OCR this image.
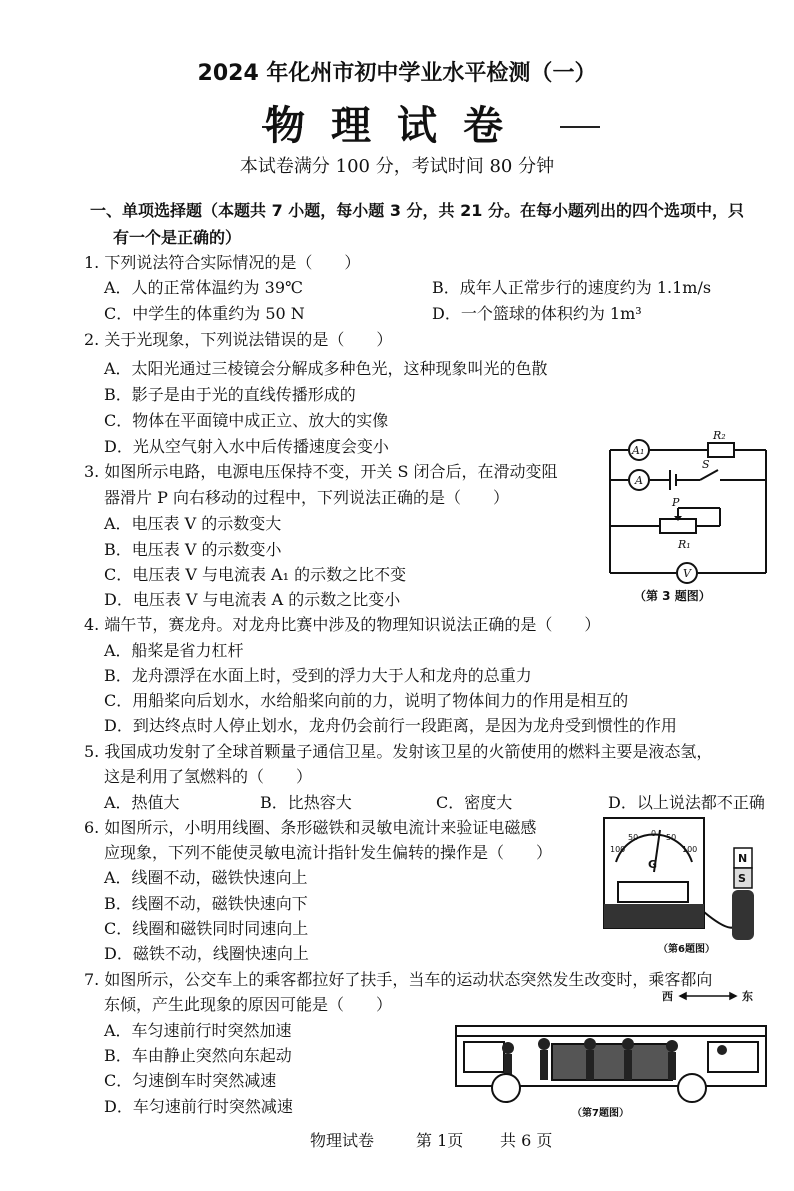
2024 年化州市初中学业水平检测（一）
物理试卷
本试卷满分 100 分，考试时间 80 分钟
一、单项选择题（本题共 7 小题，每小题 3 分，共 21 分。在每小题列出的四个选项中，只
有一个是正确的）
1. 下列说法符合实际情况的是（　　）
A．人的正常体温约为 39℃	B．成年人正常步行的速度约为 1.1m/s
C．中学生的体重约为 50 N	D．一个篮球的体积约为 1m³
2. 关于光现象，下列说法错误的是（　　）
A．太阳光通过三棱镜会分解成多种色光，这种现象叫光的色散
B．影子是由于光的直线传播形成的
C．物体在平面镜中成正立、放大的实像
D．光从空气射入水中后传播速度会变小
3. 如图所示电路，电源电压保持不变，开关 S 闭合后，在滑动变阻
器滑片 P 向右移动的过程中，下列说法正确的是（　　）
A．电压表 V 的示数变大
B．电压表 V 的示数变小
C．电压表 V 与电流表 A₁ 的示数之比不变
D．电压表 V 与电流表 A 的示数之比变小
A₁
A
V
R₂
R₁
S
P
（第 3 题图）
4. 端午节，赛龙舟。对龙舟比赛中涉及的物理知识说法正确的是（　　）
A．船桨是省力杠杆
B．龙舟漂浮在水面上时，受到的浮力大于人和龙舟的总重力
C．用船桨向后划水，水给船桨向前的力，说明了物体间力的作用是相互的
D．到达终点时人停止划水，龙舟仍会前行一段距离，是因为龙舟受到惯性的作用
5. 我国成功发射了全球首颗量子通信卫星。发射该卫星的火箭使用的燃料主要是液态氢，
这是利用了氢燃料的（　　）
A．热值大	B．比热容大	C．密度大	D．以上说法都不正确
6. 如图所示，小明用线圈、条形磁铁和灵敏电流计来验证电磁感
应现象，下列不能使灵敏电流计指针发生偏转的操作是（　　）
A．线圈不动，磁铁快速向上
B．线圈不动，磁铁快速向下
C．线圈和磁铁同时同速向上
D．磁铁不动，线圈快速向上
100
50 0 50
100
G	N
S
（第6题图）
7. 如图所示，公交车上的乘客都拉好了扶手，当车的运动状态突然发生改变时，乘客都向
东倾，产生此现象的原因可能是（　　）
A．车匀速前行时突然加速
B．车由静止突然向东起动
C．匀速倒车时突然减速
D．车匀速前行时突然减速
西	东
（第7题图）
物理试卷	第 1页 共 6 页
